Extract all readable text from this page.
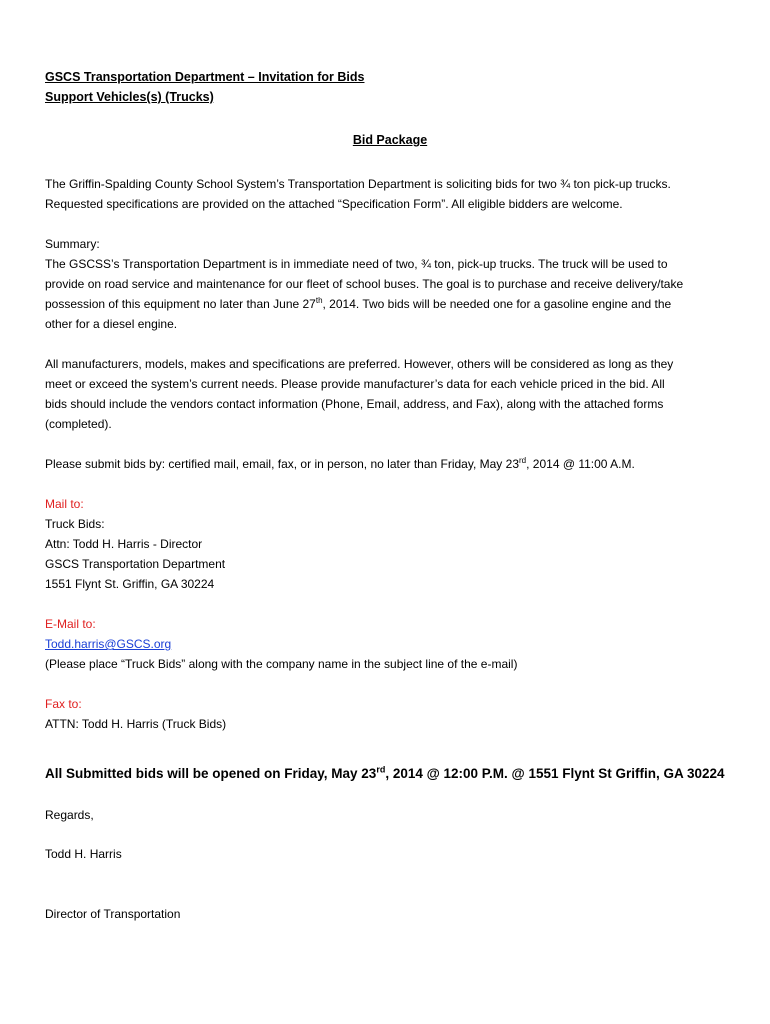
GSCS Transportation Department – Invitation for Bids

Support Vehicles(s) (Trucks)

Bid Package

The Griffin-Spalding County School System’s Transportation Department is soliciting bids for two ¾ ton pick-up trucks.

Requested specifications are provided on the attached “Specification Form”. All eligible bidders are welcome.

Summary:

The GSCSS’s Transportation Department is in immediate need of two, ¾ ton, pick-up trucks. The truck will be used to

provide on road service and maintenance for our fleet of school buses. The goal is to purchase and receive delivery/take

possession of this equipment no later than June 27th, 2014. Two bids will be needed one for a gasoline engine and the

other for a diesel engine.

All manufacturers, models, makes and specifications are preferred. However, others will be considered as long as they

meet or exceed the system’s current needs. Please provide manufacturer’s data for each vehicle priced in the bid. All

bids should include the vendors contact information (Phone, Email, address, and Fax), along with the attached forms

(completed).

Please submit bids by: certified mail, email, fax, or in person, no later than Friday, May 23rd, 2014 @ 11:00 A.M.

Mail to:

Truck Bids:

Attn: Todd H. Harris - Director

GSCS Transportation Department

1551 Flynt St. Griffin, GA 30224

E-Mail to:

Todd.harris@GSCS.org

(Please place “Truck Bids” along with the company name in the subject line of the e-mail)

Fax to:

ATTN: Todd H. Harris (Truck Bids)

All Submitted bids will be opened on Friday, May 23rd, 2014 @ 12:00 P.M. @ 1551 Flynt St Griffin, GA 30224

Regards,

Todd H. Harris

Director of Transportation
